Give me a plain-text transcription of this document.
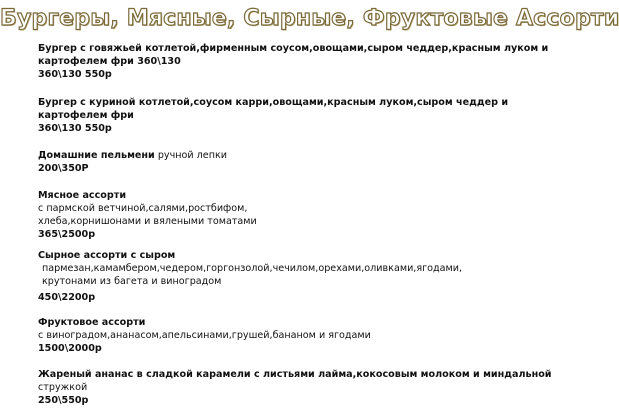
Бургеры, Мясные, Сырные, Фруктовые Ассорти
Бургер с говяжьей котлетой,фирменным соусом,овощами,сыром чеддер,красным луком и
картофелем фри 360\130
360\130 550р
Бургер с куриной котлетой,соусом карри,овощами,красным луком,сыром чеддер и
картофелем фри
360\130 550р
Домашние пельмени ручной лепки
200\350Р
Мясное ассорти
с пармской ветчиной,салями,ростбифом,
хлеба,корнишонами и вялеными томатами
365\2500р
Сырное ассорти с сыром
пармезан,камамбером,чедером,горгонзолой,чечилом,орехами,оливками,ягодами,
крутонами из багета и виноградом
450\2200р
Фруктовое ассорти
с виноградом,ананасом,апельсинами,грушей,бананом и ягодами
1500\2000р
Жареный ананас в сладкой карамели с листьями лайма,кокосовым молоком и миндальной
стружкой
250\550р
